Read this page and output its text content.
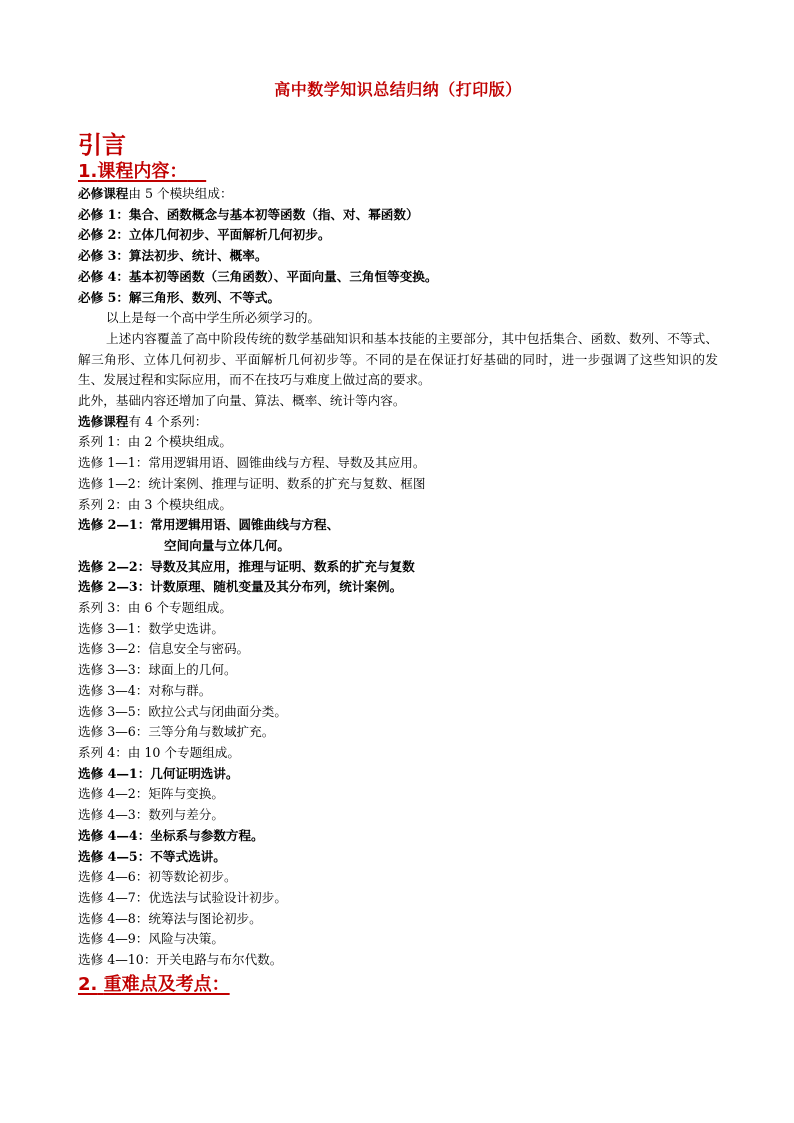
高中数学知识总结归纳（打印版）
引言
1.课程内容：
必修课程由 5 个模块组成：
必修 1：集合、函数概念与基本初等函数（指、对、幂函数）
必修 2：立体几何初步、平面解析几何初步。
必修 3：算法初步、统计、概率。
必修 4：基本初等函数（三角函数）、平面向量、三角恒等变换。
必修 5：解三角形、数列、不等式。
以上是每一个高中学生所必须学习的。
上述内容覆盖了高中阶段传统的数学基础知识和基本技能的主要部分，其中包括集合、函数、数列、不等式、解三角形、立体几何初步、平面解析几何初步等。不同的是在保证打好基础的同时，进一步强调了这些知识的发生、发展过程和实际应用，而不在技巧与难度上做过高的要求。
此外，基础内容还增加了向量、算法、概率、统计等内容。
选修课程有 4 个系列：
系列 1：由 2 个模块组成。
选修 1—1：常用逻辑用语、圆锥曲线与方程、导数及其应用。
选修 1—2：统计案例、推理与证明、数系的扩充与复数、框图
系列 2：由 3 个模块组成。
选修 2—1：常用逻辑用语、圆锥曲线与方程、
空间向量与立体几何。
选修 2—2：导数及其应用，推理与证明、数系的扩充与复数
选修 2—3：计数原理、随机变量及其分布列，统计案例。
系列 3：由 6 个专题组成。
选修 3—1：数学史选讲。
选修 3—2：信息安全与密码。
选修 3—3：球面上的几何。
选修 3—4：对称与群。
选修 3—5：欧拉公式与闭曲面分类。
选修 3—6：三等分角与数域扩充。
系列 4：由 10 个专题组成。
选修 4—1：几何证明选讲。
选修 4—2：矩阵与变换。
选修 4—3：数列与差分。
选修 4—4：坐标系与参数方程。
选修 4—5：不等式选讲。
选修 4—6：初等数论初步。
选修 4—7：优选法与试验设计初步。
选修 4—8：统筹法与图论初步。
选修 4—9：风险与决策。
选修 4—10：开关电路与布尔代数。
2. 重难点及考点：
